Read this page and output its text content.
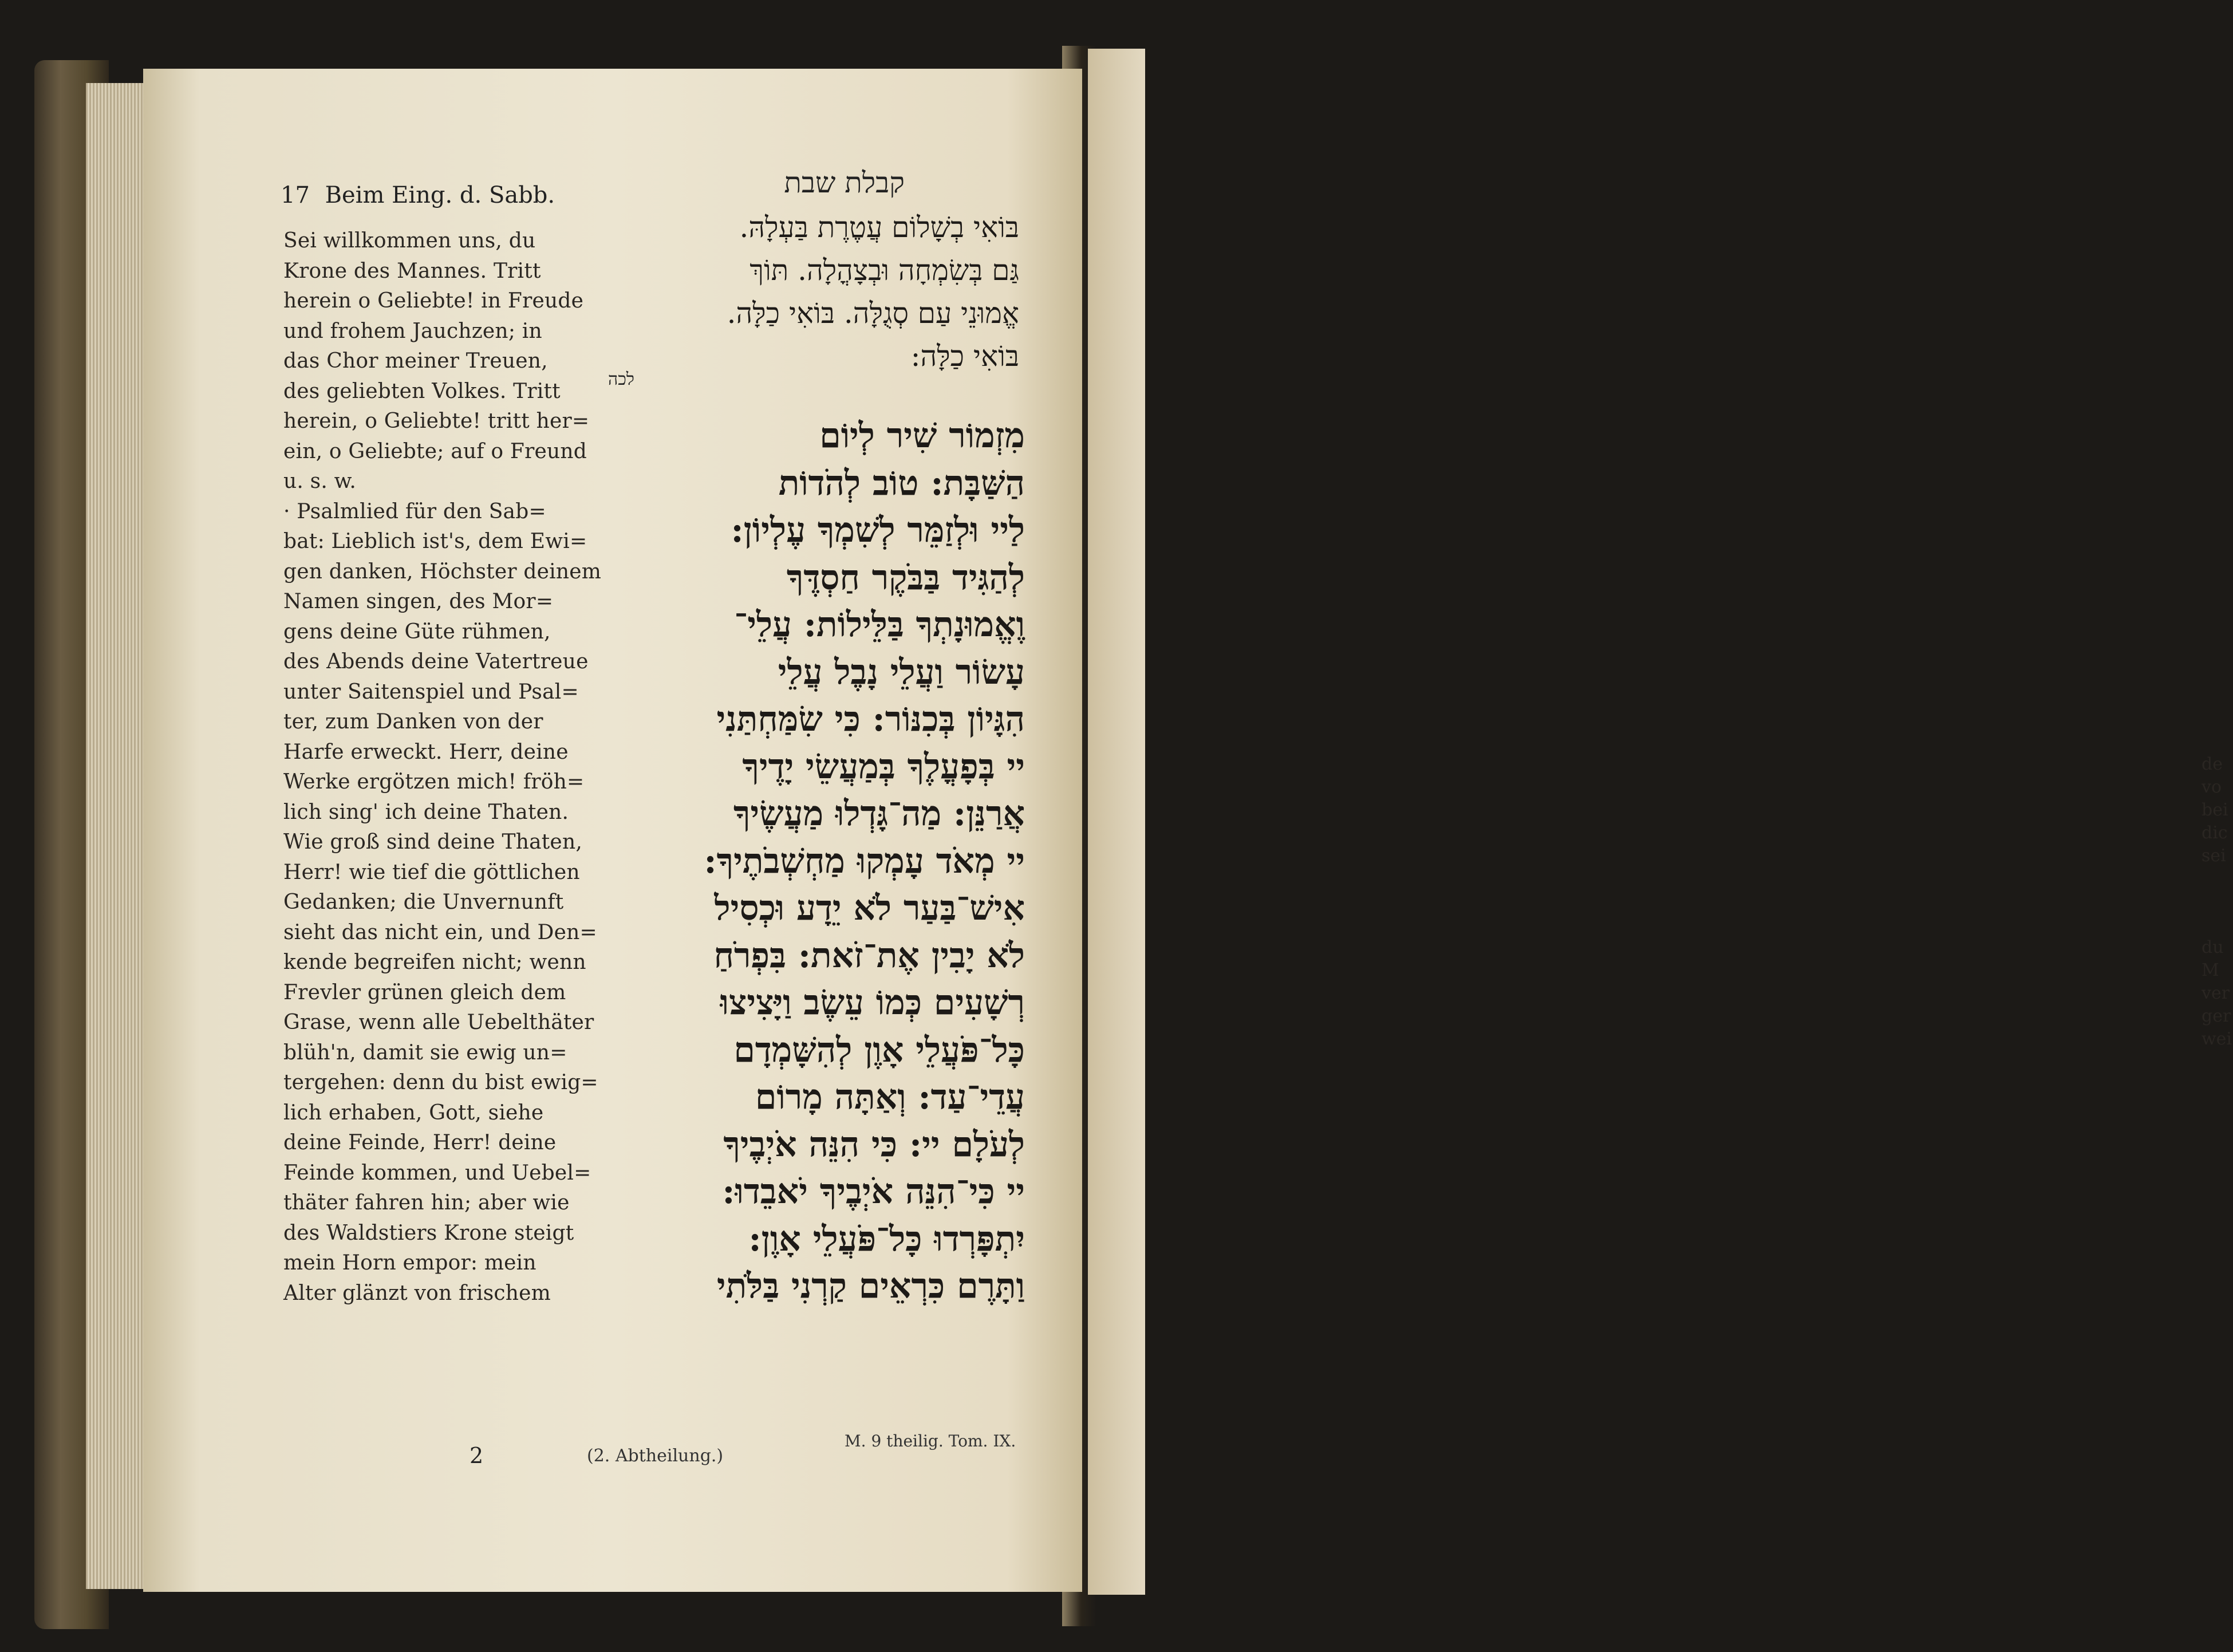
de
vo
bei
dic
sei
du
M
ver
ger
wei
17 Beim Eing. d. Sabb.	קבלת שבת
בּוֹאִי בְשָׁלוֹם עֲטֶרֶת בַּעְלָהּ.
גַּם בְּשִׂמְחָה וּבְצָהֳלָה. תּוֹךְ
אֱמוּנֵי עַם סְגֻלָּה. בּוֹאִי כַלָּה.
בּוֹאִי כַלָּה:
לכה
מִזְמוֹר שִׁיר לְיוֹם
הַשַּׁבָּת: טוֹב לְהֹדוֹת
לַיי וּלְזַמֵּר לְשִׁמְךָ עֶלְיוֹן:
לְהַגִּיד בַּבֹּקֶר חַסְדֶּךָ
וֶאֱמוּנָתְךָ בַּלֵּילוֹת: עֲלֵי־
עָשׂוֹר וַעֲלֵי נָבֶל עֲלֵי
הִגָּיוֹן בְּכִנּוֹר: כִּי שִׂמַּחְתַּנִי
יי בְּפָעֳלֶךָ בְּמַעֲשֵׂי יָדֶיךָ
אֲרַנֵּן: מַה־גָּדְלוּ מַעֲשֶׂיךָ
יי מְאֹד עָמְקוּ מַחְשְׁבֹתֶיךָ:
אִישׁ־בַּעַר לֹא יֵדָע וּכְסִיל
לֹא יָבִין אֶת־זֹאת: בִּפְרֹחַ
רְשָׁעִים כְּמוֹ עֵשֶׂב וַיָּצִיצוּ
כָּל־פֹּעֲלֵי אָוֶן לְהִשָּׁמְדָם
עֲדֵי־עַד: וְאַתָּה מָרוֹם
לְעֹלָם יי: כִּי הִנֵּה אֹיְבֶיךָ
יי כִּי־הִנֵּה אֹיְבֶיךָ יֹאבֵדוּ:
יִתְפָּרְדוּ כָּל־פֹּעֲלֵי אָוֶן:
וַתָּרֶם כִּרְאֵים קַרְנִי בַּלֹּתִי
Sei willkommen uns, du
Krone des Mannes. Tritt
herein o Geliebte! in Freude
und frohem Jauchzen; in
das Chor meiner Treuen,
des geliebten Volkes. Tritt
herein, o Geliebte! tritt her=
ein, o Geliebte; auf o Freund
u. s. w.
· Psalmlied für den Sab=
bat: Lieblich ist's, dem Ewi=
gen danken, Höchster deinem
Namen singen, des Mor=
gens deine Güte rühmen,
des Abends deine Vatertreue
unter Saitenspiel und Psal=
ter, zum Danken von der
Harfe erweckt. Herr, deine
Werke ergötzen mich! fröh=
lich sing' ich deine Thaten.
Wie groß sind deine Thaten,
Herr! wie tief die göttlichen
Gedanken; die Unvernunft
sieht das nicht ein, und Den=
kende begreifen nicht; wenn
Frevler grünen gleich dem
Grase, wenn alle Uebelthäter
blüh'n, damit sie ewig un=
tergehen: denn du bist ewig=
lich erhaben, Gott, siehe
deine Feinde, Herr! deine
Feinde kommen, und Uebel=
thäter fahren hin; aber wie
des Waldstiers Krone steigt
mein Horn empor: mein
Alter glänzt von frischem
2	(2. Abtheilung.)
M. 9 theilig. Tom. IX.
